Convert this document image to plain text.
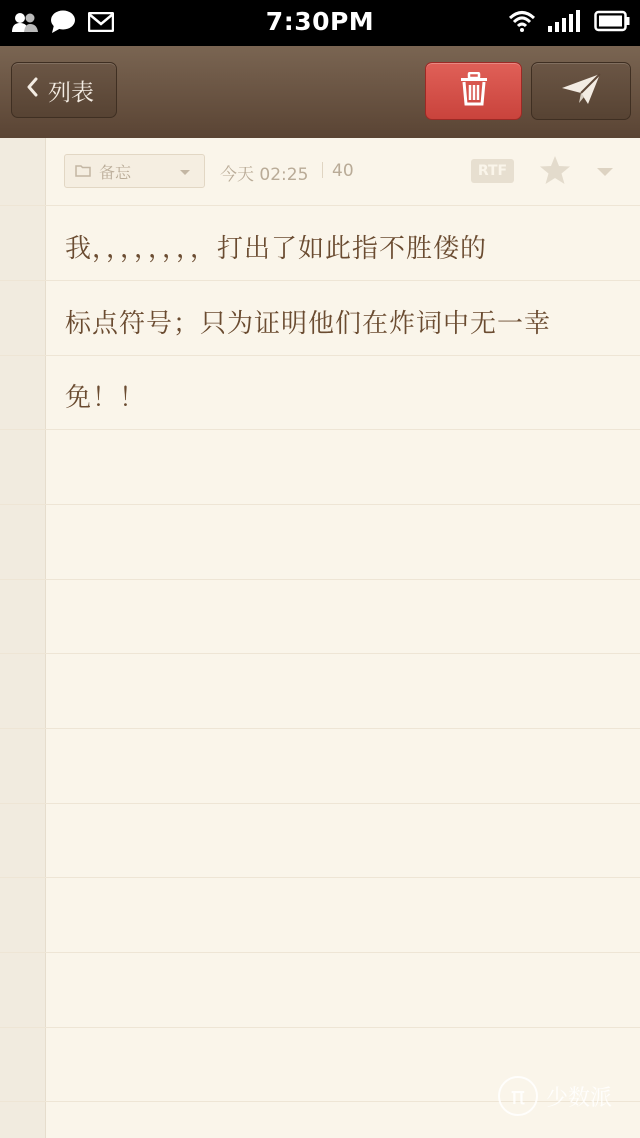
7:30PM
列表
备忘	今天 02:25 40	RTF
我，，，，，，，，打出了如此指不胜偻的
标点符号；只为证明他们在炸词中无一幸
免！！
π 少数派
